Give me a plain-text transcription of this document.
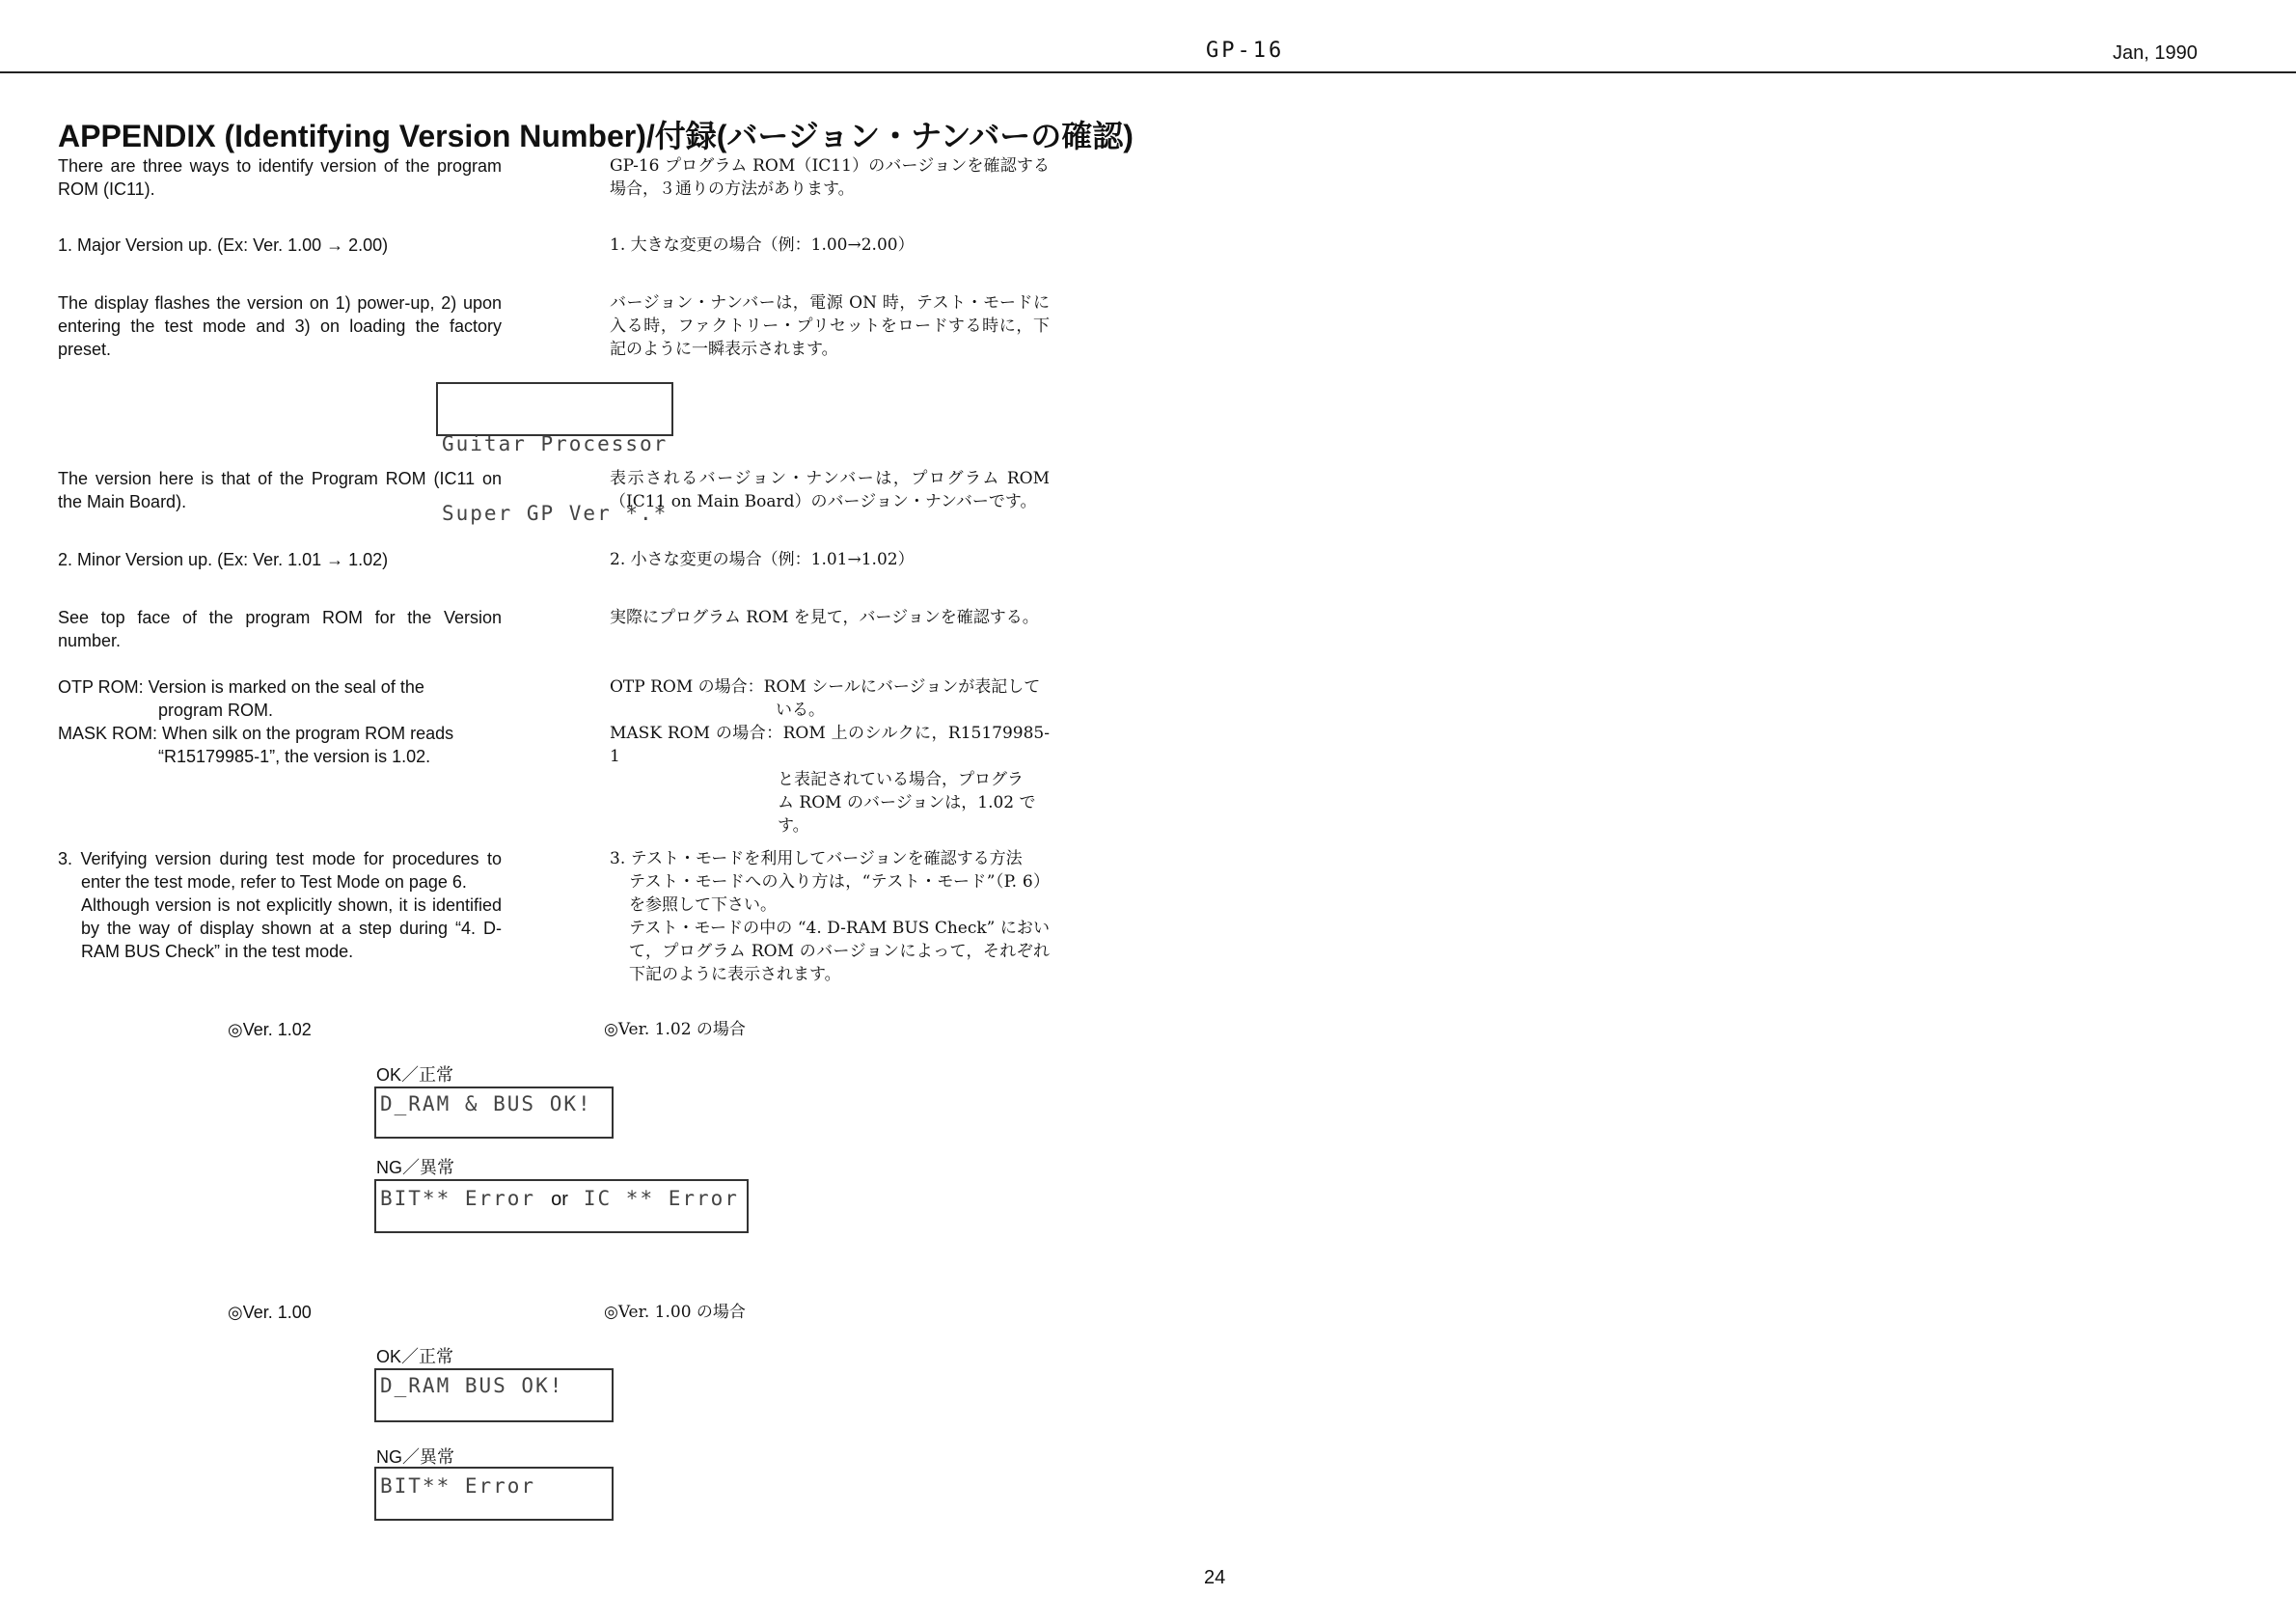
GP-16	Jan, 1990
APPENDIX (Identifying Version Number)/付録(バージョン・ナンバーの確認)
There are three ways to identify version of the program ROM (IC11).
GP-16 プログラム ROM（IC11）のバージョンを確認する場合，３通りの方法があります。
1. Major Version up. (Ex: Ver. 1.00 → 2.00)	1. 大きな変更の場合（例：1.00→2.00）
The display flashes the version on 1) power-up, 2) upon entering the test mode and 3) on loading the factory preset.
バージョン・ナンバーは，電源 ON 時，テスト・モードに入る時，ファクトリー・プリセットをロードする時に，下記のように一瞬表示されます。

Guitar Processor

Super GP Ver *.*

The version here is that of the Program ROM (IC11 on the Main Board).
表示されるバージョン・ナンバーは，プログラム ROM（IC11 on Main Board）のバージョン・ナンバーです。
2. Minor Version up. (Ex: Ver. 1.01 → 1.02)	2. 小さな変更の場合（例：1.01→1.02）
See top face of the program ROM for the Version number.
実際にプログラム ROM を見て，バージョンを確認する。
OTP ROM: Version is marked on the seal of the
program ROM.
MASK ROM: When silk on the program ROM reads
“R15179985-1”, the version is 1.02.
OTP ROM の場合：ROM シールにバージョンが表記して
いる。
MASK ROM の場合：ROM 上のシルクに，R15179985-1
と表記されている場合，プログラ
ム ROM のバージョンは，1.02 で
す。
3. Verifying version during test mode for procedures to enter the test mode, refer to Test Mode on page 6.
Although version is not explicitly shown, it is identified by the way of display shown at a step during “4. D-RAM BUS Check” in the test mode.
3. テスト・モードを利用してバージョンを確認する方法
テスト・モードへの入り方は，“テスト・モード”（P. 6）を参照して下さい。
テスト・モードの中の “4. D-RAM BUS Check” において，プログラム ROM のバージョンによって，それぞれ下記のように表示されます。
◎Ver. 1.02	◎Ver. 1.02 の場合
OK／正常
D_RAM & BUS OK!
NG／異常
BIT** Error or IC ** Error
◎Ver. 1.00	◎Ver. 1.00 の場合
OK／正常
D_RAM BUS OK!
NG／異常
BIT** Error
24
